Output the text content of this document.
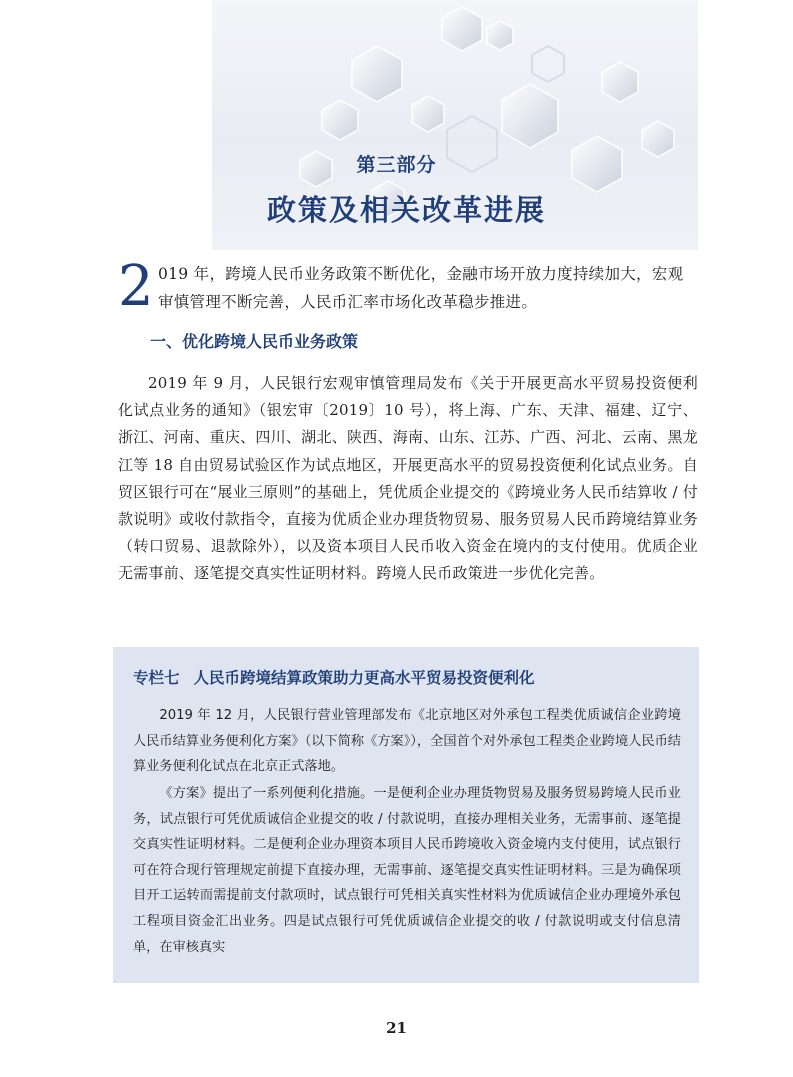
第三部分
政策及相关改革进展
2 019 年，跨境人民币业务政策不断优化，金融市场开放力度持续加大，宏观审慎管理不断完善，人民币汇率市场化改革稳步推进。
一、优化跨境人民币业务政策
2019 年 9 月，人民银行宏观审慎管理局发布《关于开展更高水平贸易投资便利化试点业务的通知》（银宏审〔2019〕10 号），将上海、广东、天津、福建、辽宁、浙江、河南、重庆、四川、湖北、陕西、海南、山东、江苏、广西、河北、云南、黑龙江等 18 自由贸易试验区作为试点地区，开展更高水平的贸易投资便利化试点业务。自贸区银行可在“展业三原则”的基础上，凭优质企业提交的《跨境业务人民币结算收 / 付款说明》或收付款指令，直接为优质企业办理货物贸易、服务贸易人民币跨境结算业务（转口贸易、退款除外），以及资本项目人民币收入资金在境内的支付使用。优质企业无需事前、逐笔提交真实性证明材料。跨境人民币政策进一步优化完善。
专栏七 人民币跨境结算政策助力更高水平贸易投资便利化
2019 年 12 月，人民银行营业管理部发布《北京地区对外承包工程类优质诚信企业跨境人民币结算业务便利化方案》（以下简称《方案》），全国首个对外承包工程类企业跨境人民币结算业务便利化试点在北京正式落地。
《方案》提出了一系列便利化措施。一是便利企业办理货物贸易及服务贸易跨境人民币业务，试点银行可凭优质诚信企业提交的收 / 付款说明，直接办理相关业务，无需事前、逐笔提交真实性证明材料。二是便利企业办理资本项目人民币跨境收入资金境内支付使用，试点银行可在符合现行管理规定前提下直接办理，无需事前、逐笔提交真实性证明材料。三是为确保项目开工运转而需提前支付款项时，试点银行可凭相关真实性材料为优质诚信企业办理境外承包工程项目资金汇出业务。四是试点银行可凭优质诚信企业提交的收 / 付款说明或支付信息清单，在审核真实
21
